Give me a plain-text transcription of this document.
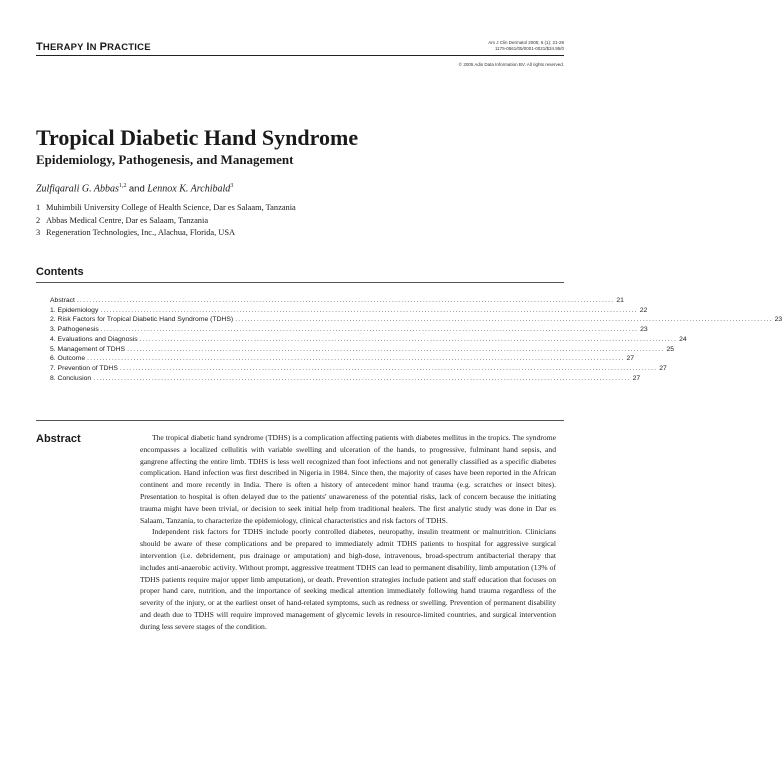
THERAPY IN PRACTICE	Am J Clin Dermatol 2005; 6 (1): 21-28
1175-0561/05/0001-0021/$34.95/0
© 2005 Adis Data Information BV. All rights reserved.
Tropical Diabetic Hand Syndrome
Epidemiology, Pathogenesis, and Management
Zulfiqarali G. Abbas$^{1,2}$ and Lennox K. Archibald$^3$
1 Muhimbili University College of Health Science, Dar es Salaam, Tanzania
2 Abbas Medical Centre, Dar es Salaam, Tanzania
3 Regeneration Technologies, Inc., Alachua, Florida, USA
Contents
Abstract .............................................................................................................................................................................. 21
1. Epidemiology .............................................................................................................................................................................. 22
2. Risk Factors for Tropical Diabetic Hand Syndrome (TDHS) .............................................................................................................................................................................. 23
3. Pathogenesis .............................................................................................................................................................................. 23
4. Evaluations and Diagnosis .............................................................................................................................................................................. 24
5. Management of TDHS .............................................................................................................................................................................. 25
6. Outcome .............................................................................................................................................................................. 27
7. Prevention of TDHS .............................................................................................................................................................................. 27
8. Conclusion .............................................................................................................................................................................. 27
Abstract	The tropical diabetic hand syndrome (TDHS) is a complication affecting patients with diabetes mellitus in the tropics. The syndrome encompasses a localized cellulitis with variable swelling and ulceration of the hands, to progressive, fulminant hand sepsis, and gangrene affecting the entire limb. TDHS is less well recognized than foot infections and not generally classified as a specific diabetes complication. Hand infection was first described in Nigeria in 1984. Since then, the majority of cases have been reported in the African continent and more recently in India. There is often a history of antecedent minor hand trauma (e.g. scratches or insect bites). Presentation to hospital is often delayed due to the patients' unawareness of the potential risks, lack of concern because the initiating trauma might have been trivial, or decision to seek initial help from traditional healers. The first analytic study was done in Dar es Salaam, Tanzania, to characterize the epidemiology, clinical characteristics and risk factors of TDHS.

Independent risk factors for TDHS include poorly controlled diabetes, neuropathy, insulin treatment or malnutrition. Clinicians should be aware of these complications and be prepared to immediately admit TDHS patients to hospital for aggressive surgical intervention (i.e. debridement, pus drainage or amputation) and high-dose, intravenous, broad-spectrum antibacterial therapy that includes anti-anaerobic activity. Without prompt, aggressive treatment TDHS can lead to permanent disability, limb amputation (13% of TDHS patients require major upper limb amputation), or death. Prevention strategies include patient and staff education that focuses on proper hand care, nutrition, and the importance of seeking medical attention immediately following hand trauma regardless of the severity of the injury, or at the earliest onset of hand-related symptoms, such as redness or swelling. Prevention of permanent disability and death due to TDHS will require improved management of glycemic levels in resource-limited countries, and surgical intervention during less severe stages of the condition.
